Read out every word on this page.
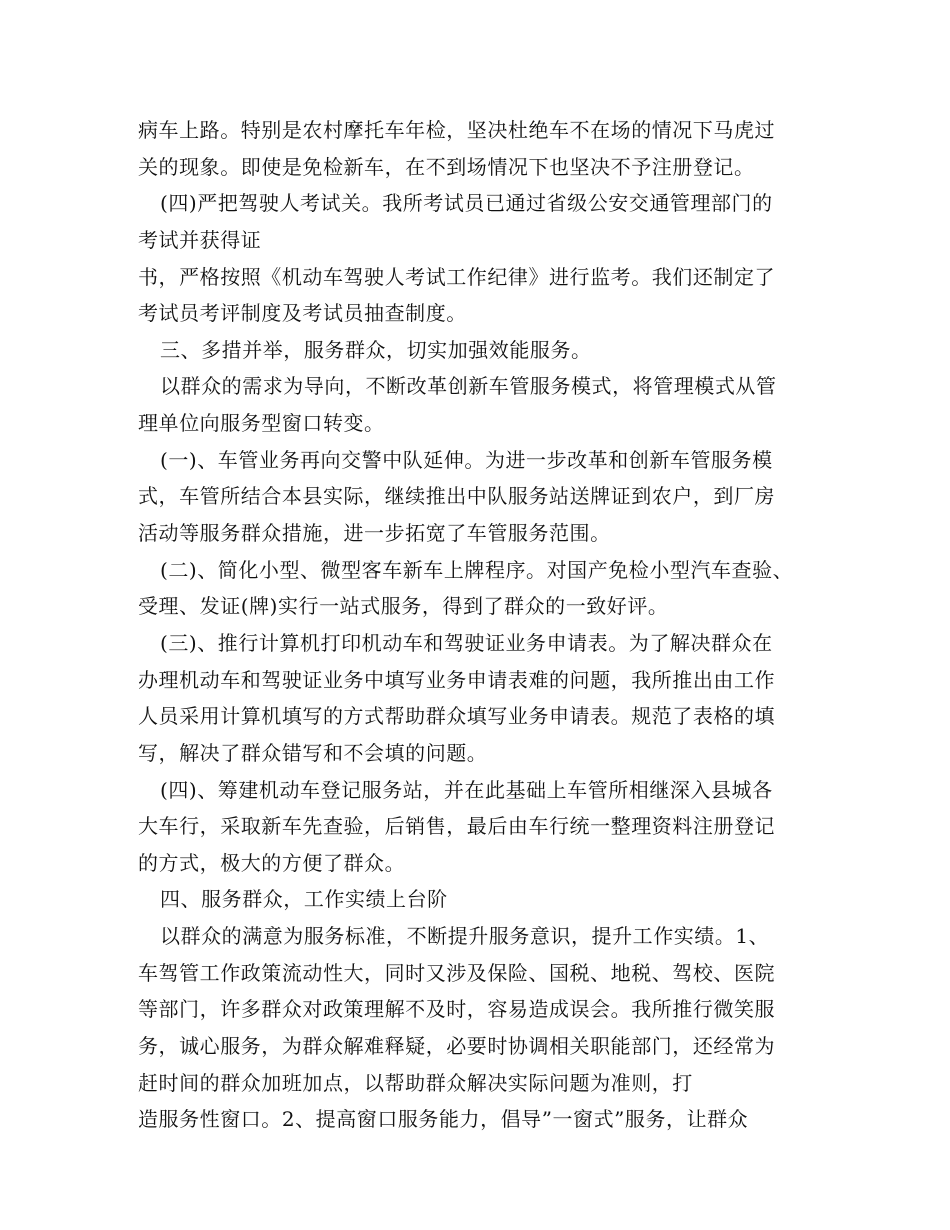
病车上路。特别是农村摩托车年检，坚决杜绝车不在场的情况下马虎过
关的现象。即使是免检新车，在不到场情况下也坚决不予注册登记。
(四)严把驾驶人考试关。我所考试员已通过省级公安交通管理部门的
考试并获得证
书，严格按照《机动车驾驶人考试工作纪律》进行监考。我们还制定了
考试员考评制度及考试员抽查制度。
三、多措并举，服务群众，切实加强效能服务。
以群众的需求为导向，不断改革创新车管服务模式，将管理模式从管
理单位向服务型窗口转变。
(一)、车管业务再向交警中队延伸。为进一步改革和创新车管服务模
式，车管所结合本县实际，继续推出中队服务站送牌证到农户，到厂房
活动等服务群众措施，进一步拓宽了车管服务范围。
(二)、简化小型、微型客车新车上牌程序。对国产免检小型汽车查验、
受理、发证(牌)实行一站式服务，得到了群众的一致好评。
(三)、推行计算机打印机动车和驾驶证业务申请表。为了解决群众在
办理机动车和驾驶证业务中填写业务申请表难的问题，我所推出由工作
人员采用计算机填写的方式帮助群众填写业务申请表。规范了表格的填
写，解决了群众错写和不会填的问题。
(四)、筹建机动车登记服务站，并在此基础上车管所相继深入县城各
大车行，采取新车先查验，后销售，最后由车行统一整理资料注册登记
的方式，极大的方便了群众。
四、服务群众，工作实绩上台阶
以群众的满意为服务标准，不断提升服务意识，提升工作实绩。1、
车驾管工作政策流动性大，同时又涉及保险、国税、地税、驾校、医院
等部门，许多群众对政策理解不及时，容易造成误会。我所推行微笑服
务，诚心服务，为群众解难释疑，必要时协调相关职能部门，还经常为
赶时间的群众加班加点，以帮助群众解决实际问题为准则，打
造服务性窗口。2、提高窗口服务能力，倡导”一窗式”服务，让群众
